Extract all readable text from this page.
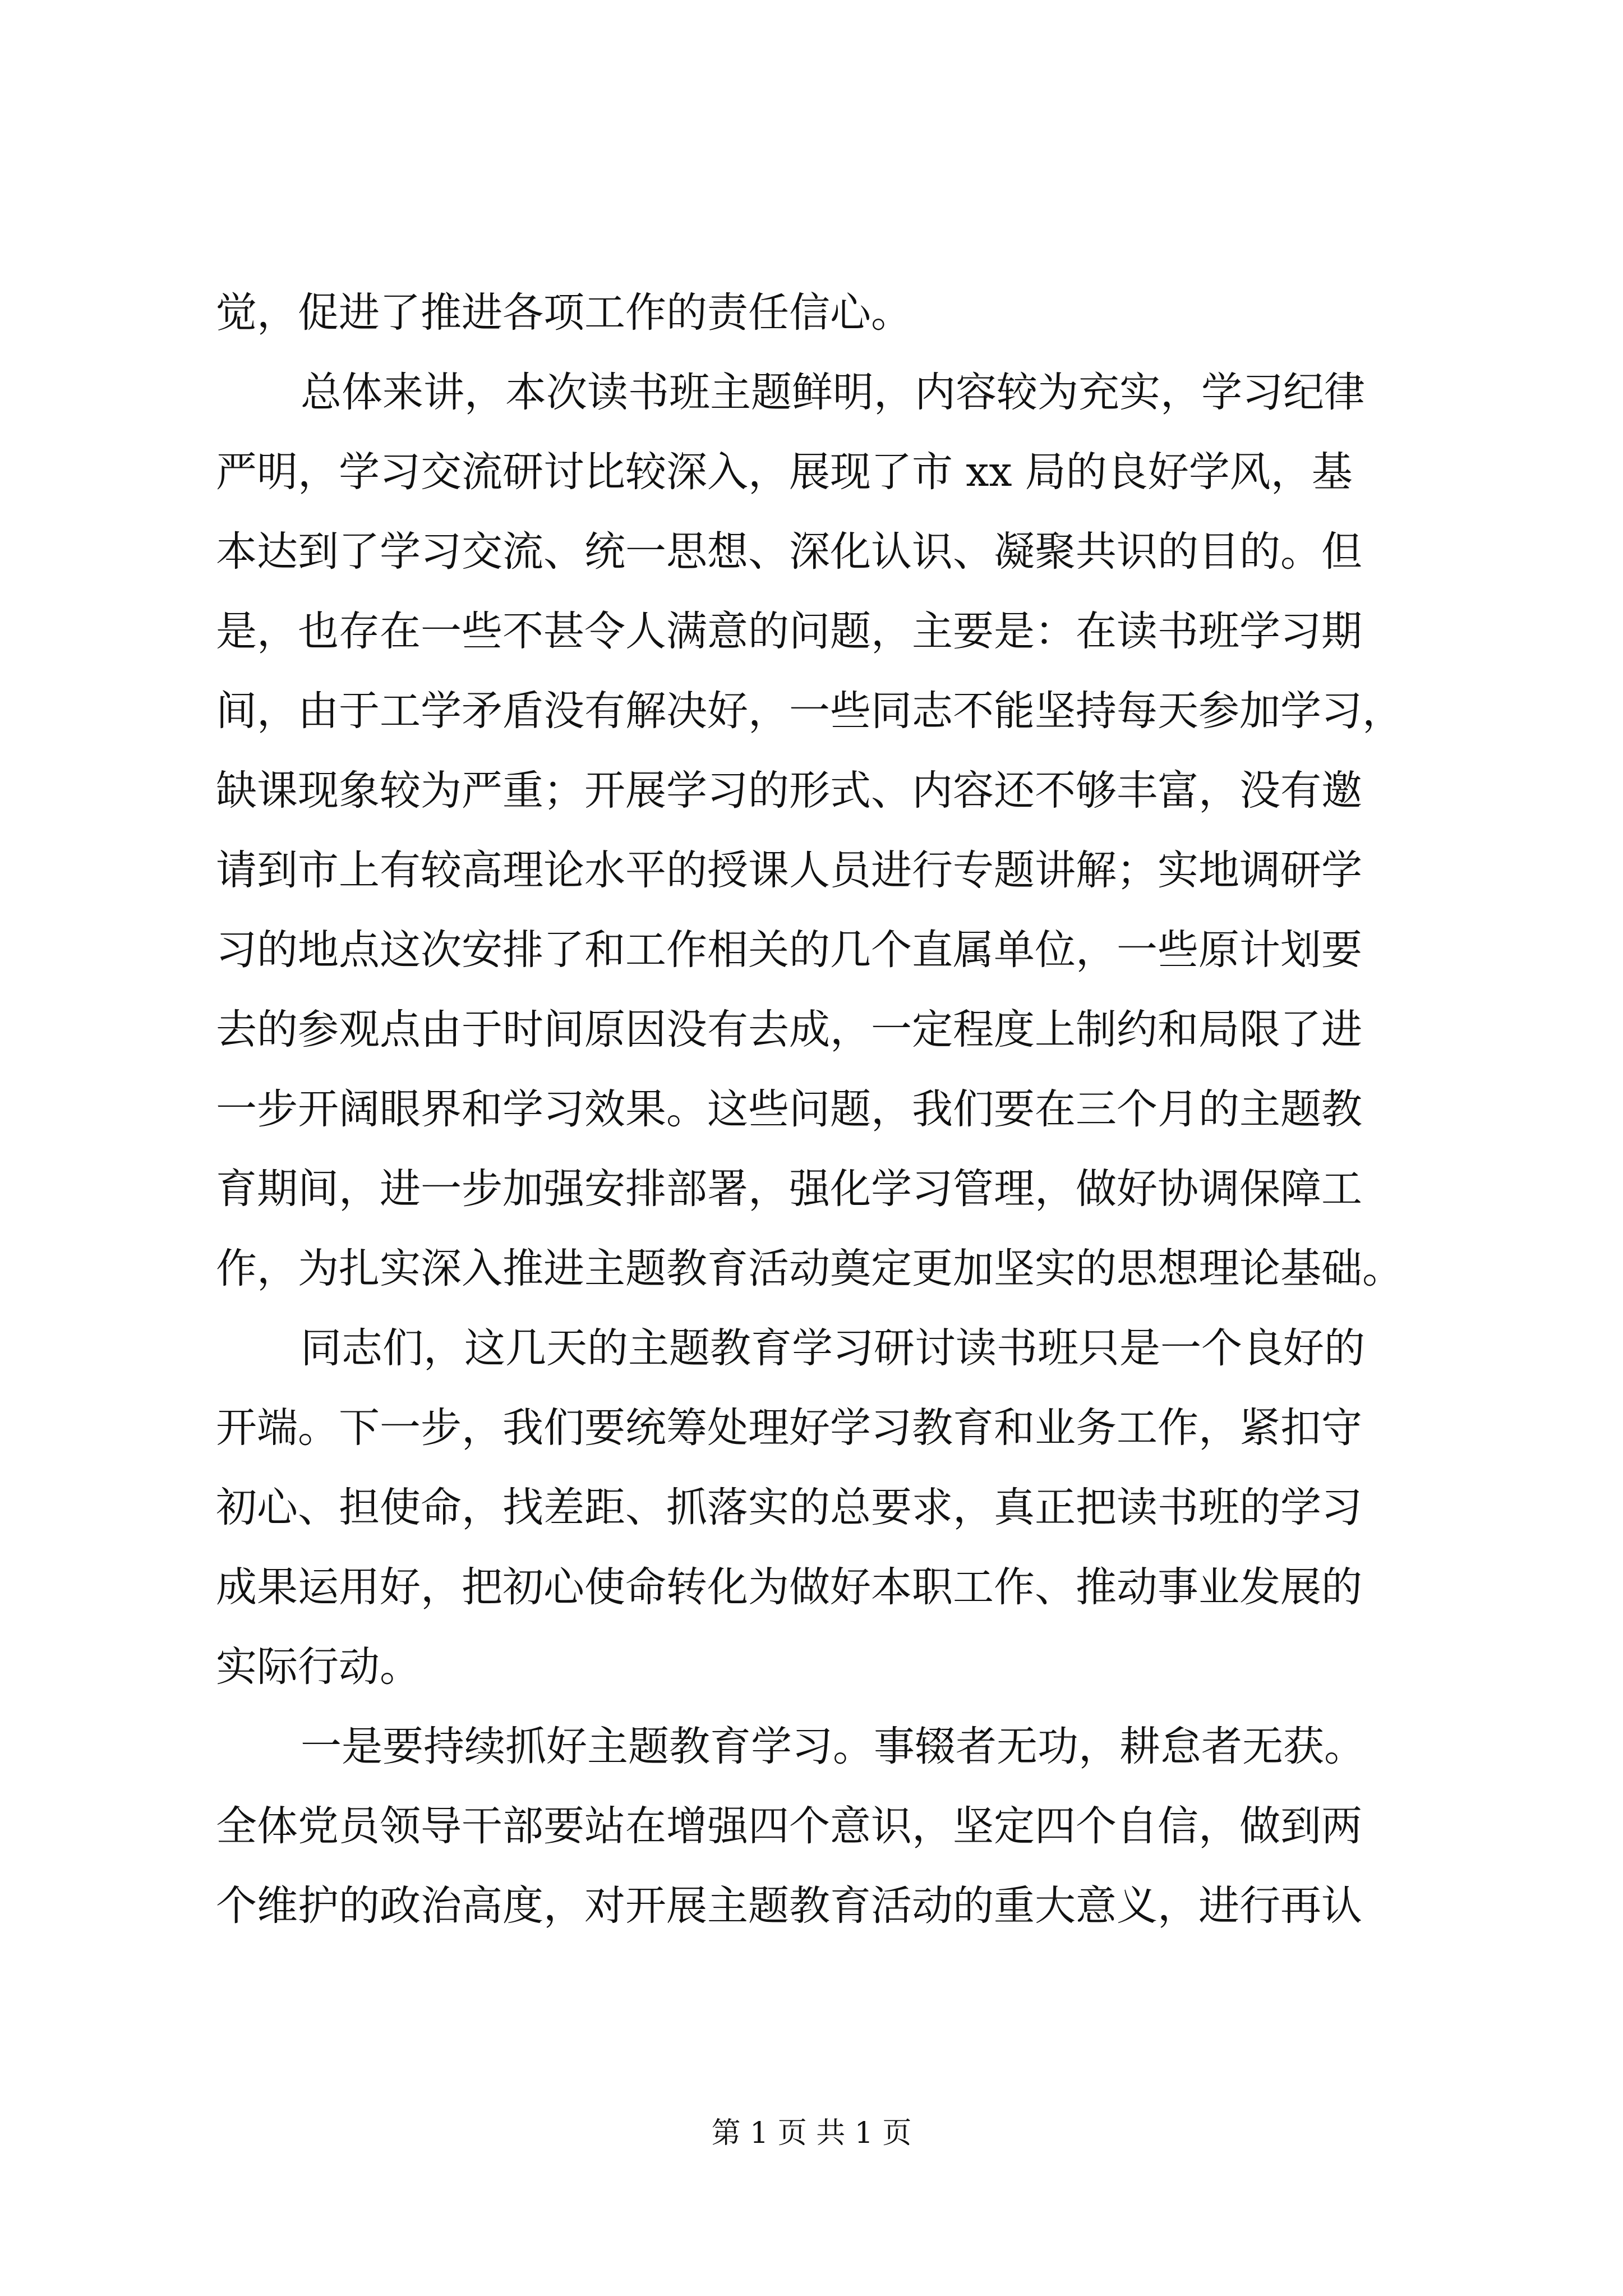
觉，促进了推进各项工作的责任信心。

总体来讲，本次读书班主题鲜明，内容较为充实，学习纪律

严明，学习交流研讨比较深入，展现了市 xx 局的良好学风，基

本达到了学习交流、统一思想、深化认识、凝聚共识的目的。但

是，也存在一些不甚令人满意的问题，主要是：在读书班学习期

间，由于工学矛盾没有解决好，一些同志不能坚持每天参加学习，

缺课现象较为严重；开展学习的形式、内容还不够丰富，没有邀

请到市上有较高理论水平的授课人员进行专题讲解；实地调研学

习的地点这次安排了和工作相关的几个直属单位，一些原计划要

去的参观点由于时间原因没有去成，一定程度上制约和局限了进

一步开阔眼界和学习效果。这些问题，我们要在三个月的主题教

育期间，进一步加强安排部署，强化学习管理，做好协调保障工

作，为扎实深入推进主题教育活动奠定更加坚实的思想理论基础。

同志们，这几天的主题教育学习研讨读书班只是一个良好的

开端。下一步，我们要统筹处理好学习教育和业务工作，紧扣守

初心、担使命，找差距、抓落实的总要求，真正把读书班的学习

成果运用好，把初心使命转化为做好本职工作、推动事业发展的

实际行动。

一是要持续抓好主题教育学习。事辍者无功，耕怠者无获。

全体党员领导干部要站在增强四个意识，坚定四个自信，做到两

个维护的政治高度，对开展主题教育活动的重大意义，进行再认

第 1 页 共 1 页
